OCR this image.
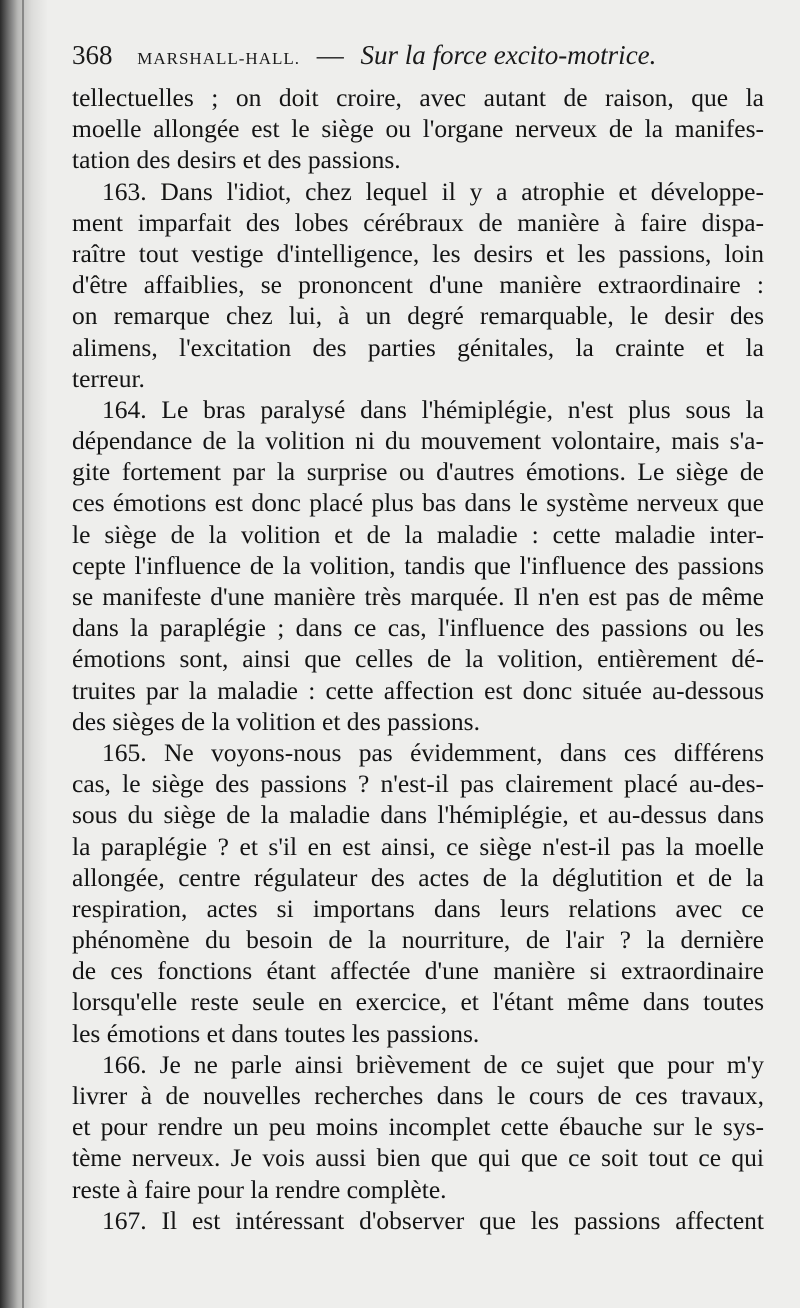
368 MARSHALL-HALL. — Sur la force excito-motrice.
tellectuelles ; on doit croire, avec autant de raison, que la
moelle allongée est le siège ou l'organe nerveux de la manifes-
tation des desirs et des passions.
163. Dans l'idiot, chez lequel il y a atrophie et développe-
ment imparfait des lobes cérébraux de manière à faire dispa-
raître tout vestige d'intelligence, les desirs et les passions, loin
d'être affaiblies, se prononcent d'une manière extraordinaire :
on remarque chez lui, à un degré remarquable, le desir des
alimens, l'excitation des parties génitales, la crainte et la
terreur.
164. Le bras paralysé dans l'hémiplégie, n'est plus sous la
dépendance de la volition ni du mouvement volontaire, mais s'a-
gite fortement par la surprise ou d'autres émotions. Le siège de
ces émotions est donc placé plus bas dans le système nerveux que
le siège de la volition et de la maladie : cette maladie inter-
cepte l'influence de la volition, tandis que l'influence des passions
se manifeste d'une manière très marquée. Il n'en est pas de même
dans la paraplégie ; dans ce cas, l'influence des passions ou les
émotions sont, ainsi que celles de la volition, entièrement dé-
truites par la maladie : cette affection est donc située au-dessous
des sièges de la volition et des passions.
165. Ne voyons-nous pas évidemment, dans ces différens
cas, le siège des passions ? n'est-il pas clairement placé au-des-
sous du siège de la maladie dans l'hémiplégie, et au-dessus dans
la paraplégie ? et s'il en est ainsi, ce siège n'est-il pas la moelle
allongée, centre régulateur des actes de la déglutition et de la
respiration, actes si importans dans leurs relations avec ce
phénomène du besoin de la nourriture, de l'air ? la dernière
de ces fonctions étant affectée d'une manière si extraordinaire
lorsqu'elle reste seule en exercice, et l'étant même dans toutes
les émotions et dans toutes les passions.
166. Je ne parle ainsi brièvement de ce sujet que pour m'y
livrer à de nouvelles recherches dans le cours de ces travaux,
et pour rendre un peu moins incomplet cette ébauche sur le sys-
tème nerveux. Je vois aussi bien que qui que ce soit tout ce qui
reste à faire pour la rendre complète.
167. Il est intéressant d'observer que les passions affectent
